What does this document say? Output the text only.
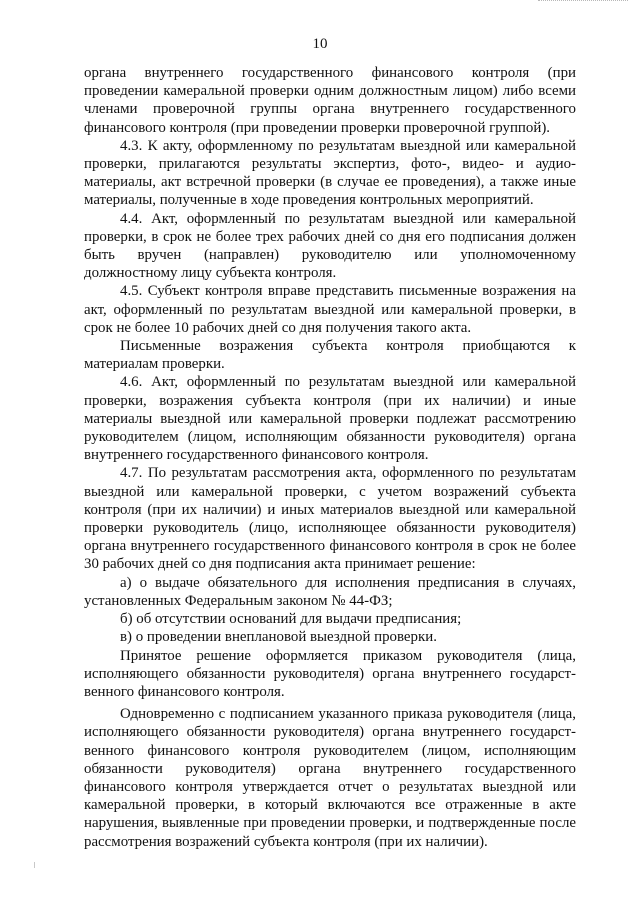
10

органа внутреннего государственного финансового контроля (при проведении камеральной проверки одним должностным лицом) либо всеми членами проверочной группы органа внутреннего государственного финансового контроля (при проведении проверки проверочной группой).

4.3. К акту, оформленному по результатам выездной или камеральной проверки, прилагаются результаты экспертиз, фото-, видео- и аудио-материалы, акт встречной проверки (в случае ее проведения), а также иные материалы, полученные в ходе проведения контрольных мероприятий.

4.4. Акт, оформленный по результатам выездной или камеральной проверки, в срок не более трех рабочих дней со дня его подписания должен быть вручен (направлен) руководителю или уполномоченному должностному лицу субъекта контроля.

4.5. Субъект контроля вправе представить письменные возражения на акт, оформленный по результатам выездной или камеральной проверки, в срок не более 10 рабочих дней со дня получения такого акта.

Письменные возражения субъекта контроля приобщаются к материалам проверки.

4.6. Акт, оформленный по результатам выездной или камеральной проверки, возражения субъекта контроля (при их наличии) и иные материалы выездной или камеральной проверки подлежат рассмотрению руководителем (лицом, исполняющим обязанности руководителя) органа внутреннего государственного финансового контроля.

4.7. По результатам рассмотрения акта, оформленного по результатам выездной или камеральной проверки, с учетом возражений субъекта контроля (при их наличии) и иных материалов выездной или камеральной проверки руководитель (лицо, исполняющее обязанности руководителя) органа внутреннего государственного финансового контроля в срок не более 30 рабочих дней со дня подписания акта принимает решение:

а) о выдаче обязательного для исполнения предписания в случаях, установленных Федеральным законом № 44-ФЗ;

б) об отсутствии оснований для выдачи предписания;

в) о проведении внеплановой выездной проверки.

Принятое решение оформляется приказом руководителя (лица, исполняющего обязанности руководителя) органа внутреннего государст-венного финансового контроля.

Одновременно с подписанием указанного приказа руководителя (лица, исполняющего обязанности руководителя) органа внутреннего государст-венного финансового контроля руководителем (лицом, исполняющим обязанности руководителя) органа внутреннего государственного финансового контроля утверждается отчет о результатах выездной или камеральной проверки, в который включаются все отраженные в акте нарушения, выявленные при проведении проверки, и подтвержденные после рассмотрения возражений субъекта контроля (при их наличии).
